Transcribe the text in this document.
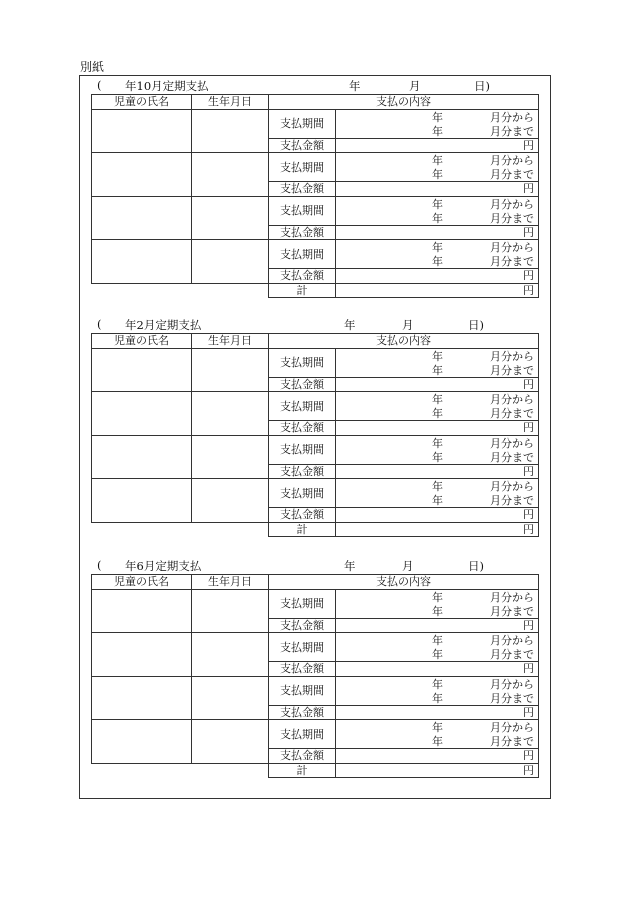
別紙
( 年10月定期支払	年	月	日)
児童の氏名	生年月日	支払の内容	
		支払期間	年 月分から
年 月分まで

		支払金額	円
		支払期間	年 月分から
年 月分まで

		支払金額	円
		支払期間	年 月分から
年 月分まで

		支払金額	円
		支払期間	年 月分から
年 月分まで

		支払金額	円
		計	円
( 年2月定期支払	年	月	日)
児童の氏名	生年月日	支払の内容	
		支払期間	年 月分から
年 月分まで

		支払金額	円
		支払期間	年 月分から
年 月分まで

		支払金額	円
		支払期間	年 月分から
年 月分まで

		支払金額	円
		支払期間	年 月分から
年 月分まで

		支払金額	円
		計	円
( 年6月定期支払	年	月	日)
児童の氏名	生年月日	支払の内容	
		支払期間	年 月分から
年 月分まで

		支払金額	円
		支払期間	年 月分から
年 月分まで

		支払金額	円
		支払期間	年 月分から
年 月分まで

		支払金額	円
		支払期間	年 月分から
年 月分まで

		支払金額	円
		計	円
